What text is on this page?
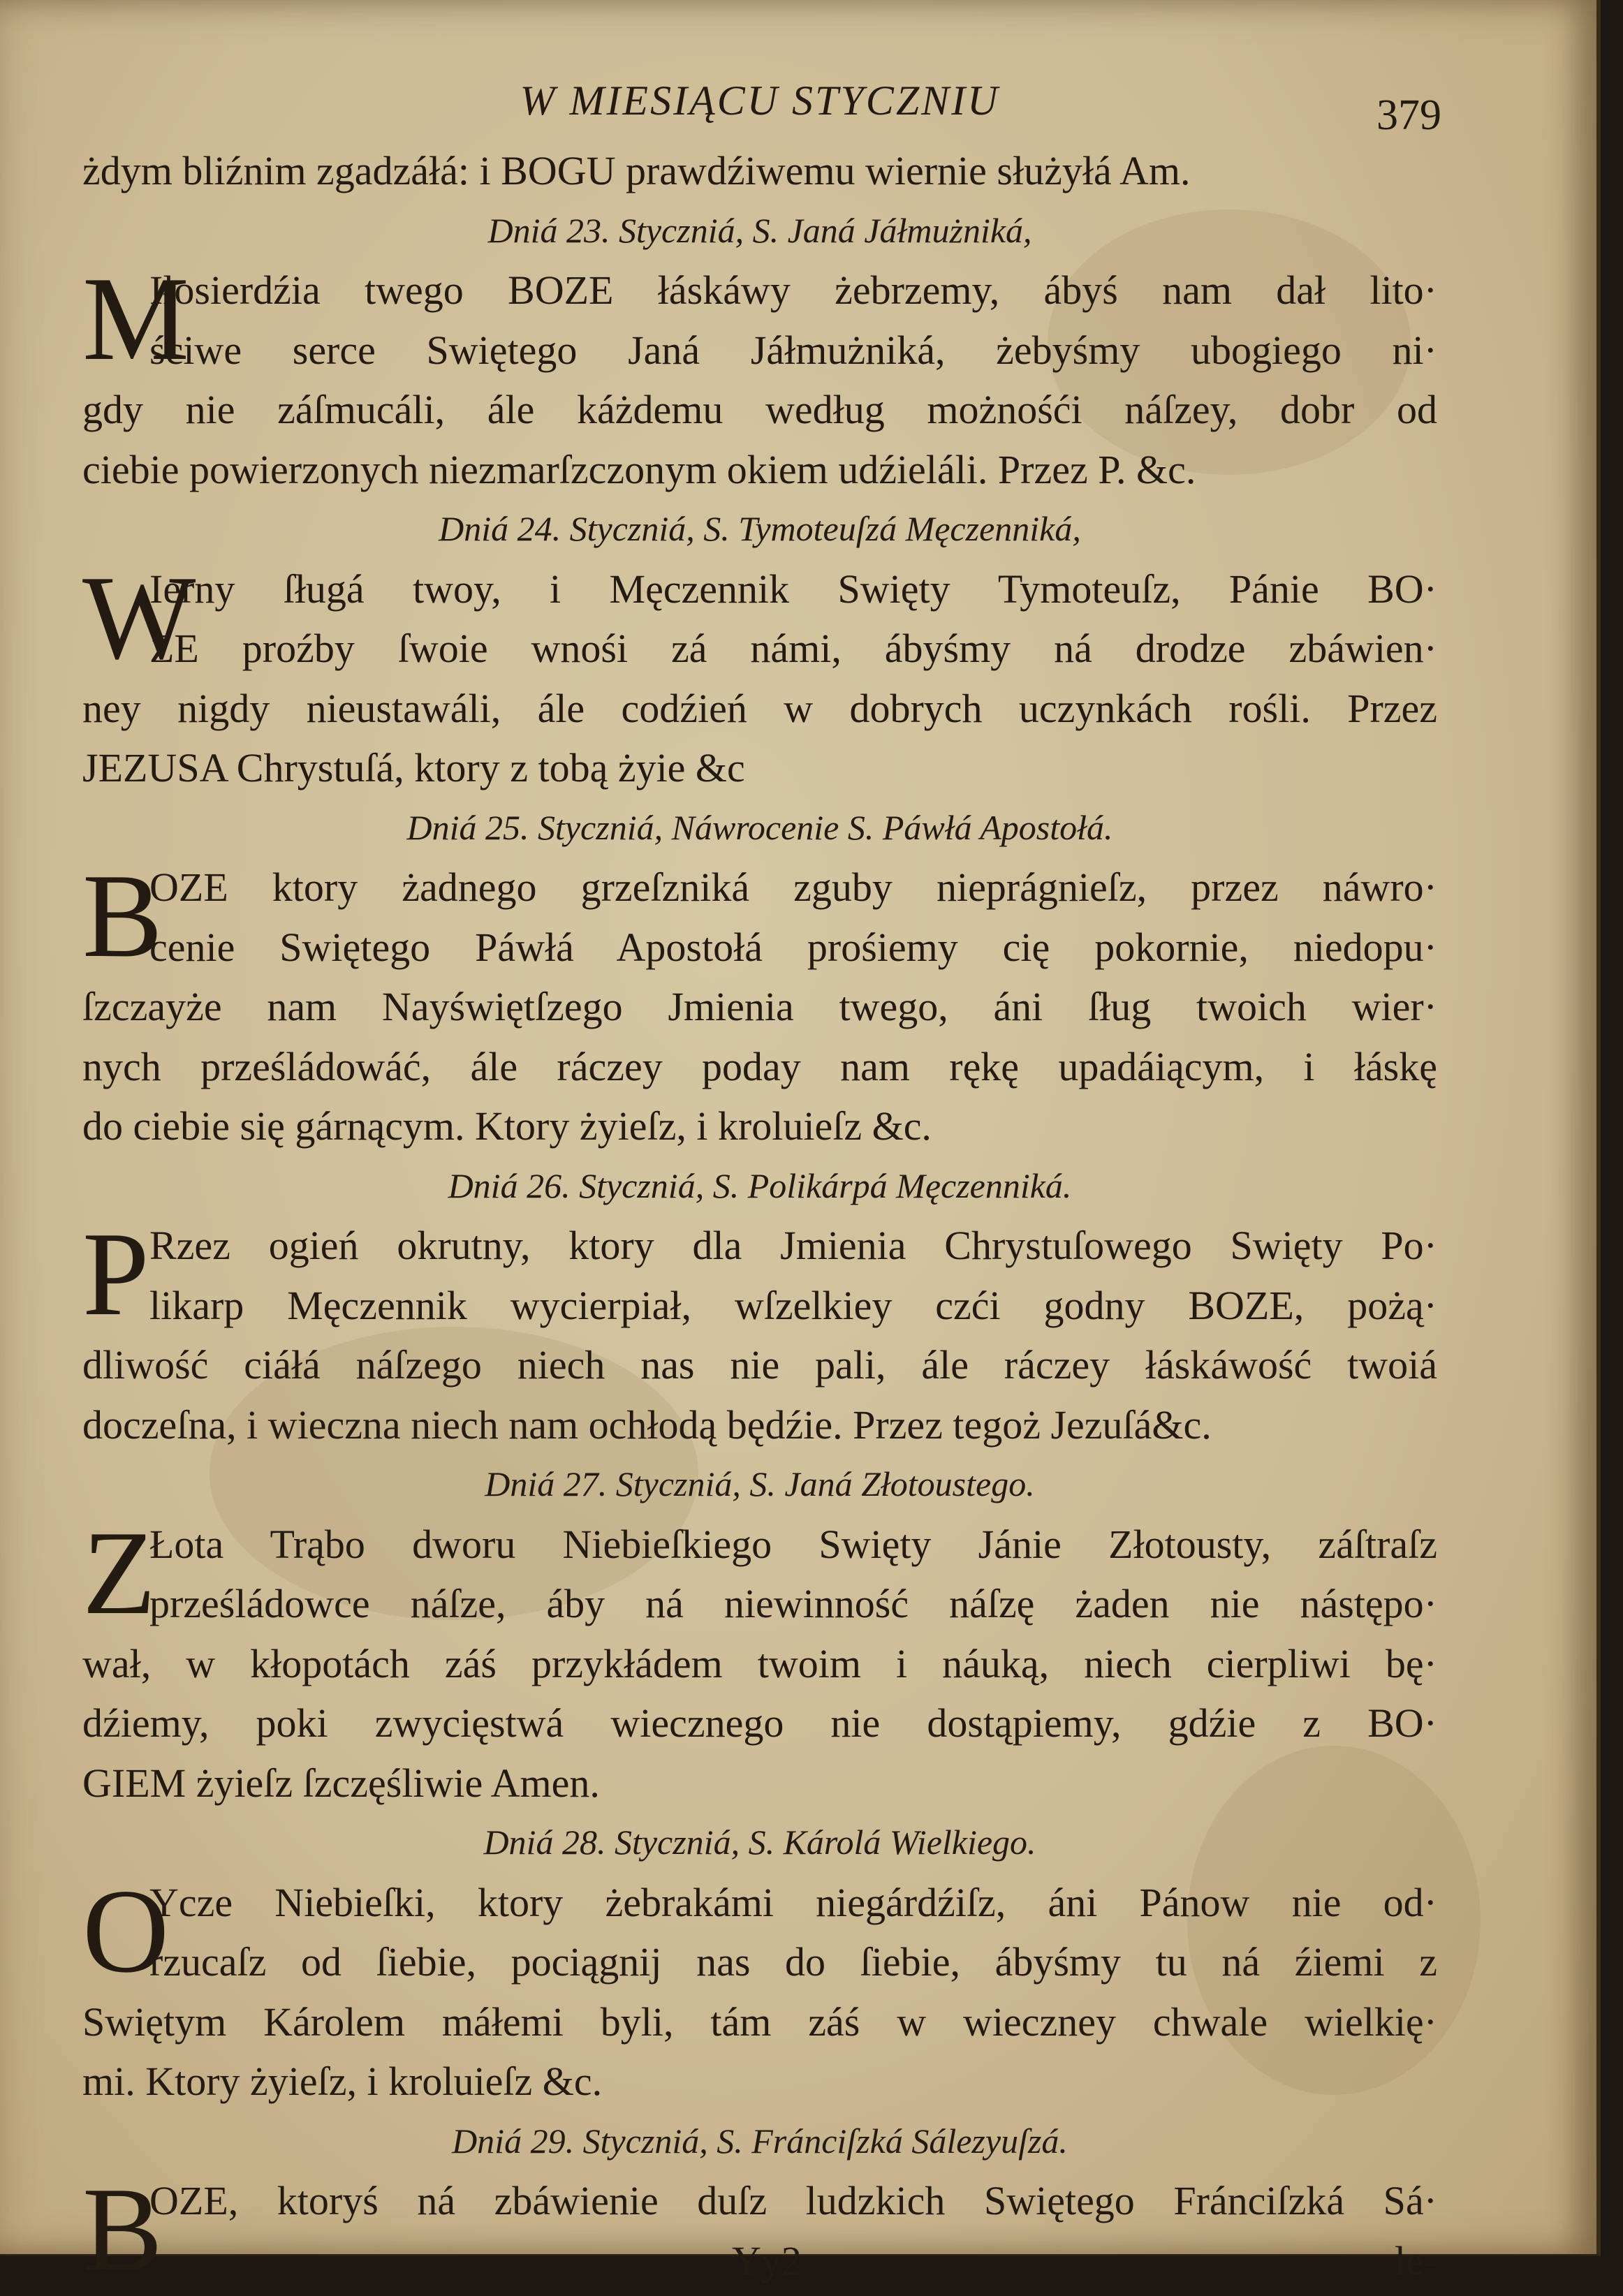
W MIESIĄCU STYCZNIU	379
żdym bliźnim zgadzáłá: i BOGU prawdźiwemu wiernie służyłá Am.
Dniá 23. Styczniá, S. Janá Jáłmużniká,
M
Iłosierdźia twego BOZE łáskáwy żebrzemy, ábyś nam dał lito·
ściwe serce Swiętego Janá Jáłmużniká, żebyśmy ubogiego ni·
gdy nie záſmucáli, ále káżdemu według możnośći náſzey, dobr od
ciebie powierzonych niezmarſzczonym okiem udźieláli. Przez P. &c.
Dniá 24. Styczniá, S. Tymoteuſzá Męczenniká,
W
Ierny ſługá twoy, i Męczennik Swięty Tymoteuſz, Pánie BO·
ZE proźby ſwoie wnośi zá námi, ábyśmy ná drodze zbáwien·
ney nigdy nieustawáli, ále codźień w dobrych uczynkách rośli. Przez
JEZUSA Chrystuſá, ktory z tobą żyie &c
Dniá 25. Styczniá, Náwrocenie S. Páwłá Apostołá.
B
OZE ktory żadnego grzeſzniká zguby nieprágnieſz, przez náwro·
cenie Swiętego Páwłá Apostołá prośiemy cię pokornie, niedopu·
ſzczayże nam Nayświętſzego Jmienia twego, áni ſług twoich wier·
nych prześládowáć, ále ráczey poday nam rękę upadáiącym, i łáskę
do ciebie się gárnącym. Ktory żyieſz, i kroluieſz &c.
Dniá 26. Styczniá, S. Polikárpá Męczenniká.
P Rzez ogień okrutny, ktory dla Jmienia Chrystuſowego Swięty Po·
likarp Męczennik wycierpiał, wſzelkiey czći godny BOZE, pożą·
dliwość ciáłá náſzego niech nas nie pali, ále ráczey łáskáwość twoiá
doczeſna, i wieczna niech nam ochłodą będźie. Przez tegoż Jezuſá&c.
Dniá 27. Styczniá, S. Janá Złotoustego.
Z
Łota Trąbo dworu Niebieſkiego Swięty Jánie Złotousty, záſtraſz
prześládowce náſze, áby ná niewinność náſzę żaden nie nástępo·
wał, w kłopotách záś przykłádem twoim i náuką, niech cierpliwi bę·
dźiemy, poki zwycięstwá wiecznego nie dostąpiemy, gdźie z BO·
GIEM żyieſz ſzczęśliwie Amen.
Dniá 28. Styczniá, S. Károlá Wielkiego.
O
Ycze Niebieſki, ktory żebrakámi niegárdźiſz, áni Pánow nie od·
rzucaſz od ſiebie, pociągnij nas do ſiebie, ábyśmy tu ná źiemi z
Swiętym Károlem máłemi byli, tám záś w wieczney chwale wielkię·
mi. Ktory żyieſz, i kroluieſz &c.
Dniá 29. Styczniá, S. Fránciſzká Sálezyuſzá.
B
OZE, ktoryś ná zbáwienie duſz ludzkich Swiętego Fránciſzká Sá·
Yy2	le-
